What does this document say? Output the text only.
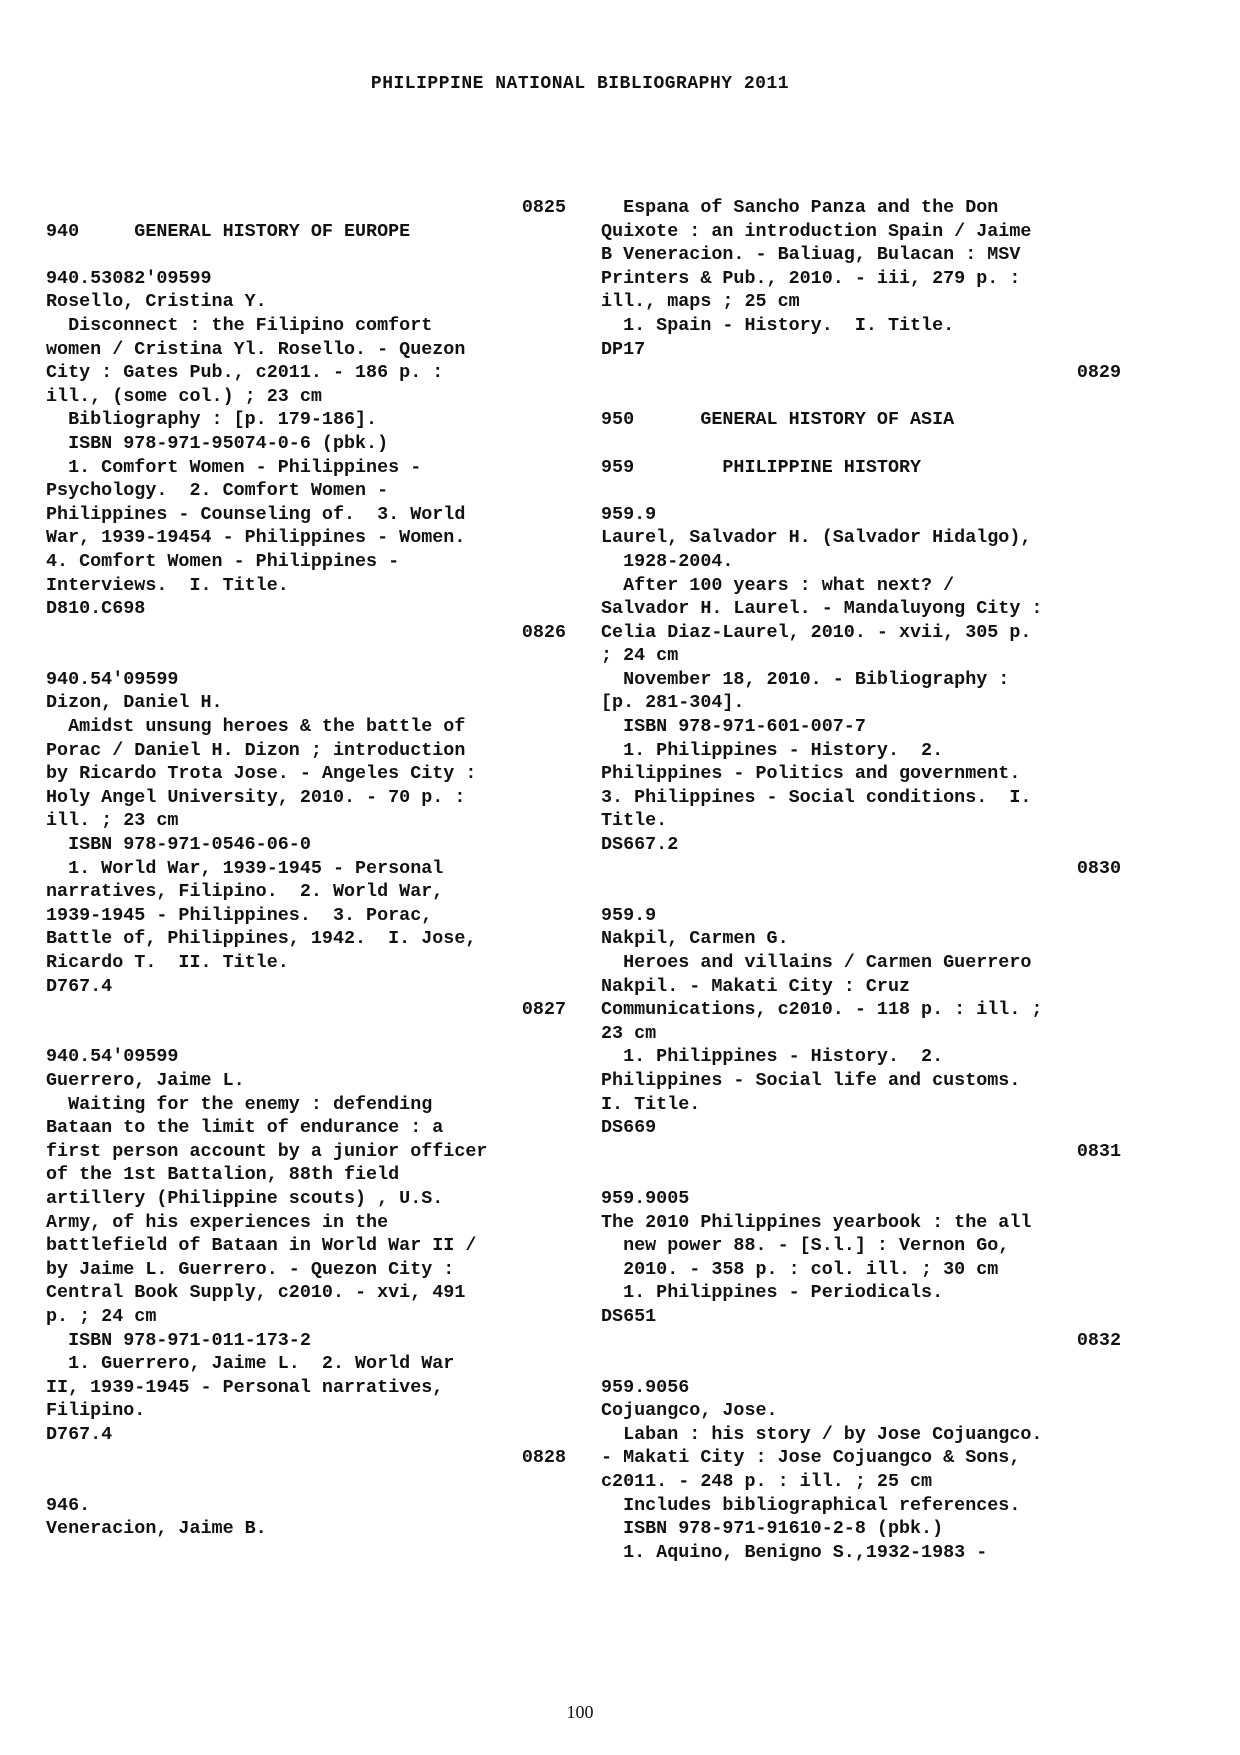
PHILIPPINE NATIONAL BIBLIOGRAPHY 2011
0825
940     GENERAL HISTORY OF EUROPE
940.53082'09599
Rosello, Cristina Y.
Disconnect : the Filipino comfort
women / Cristina Yl. Rosello. - Quezon
City : Gates Pub., c2011. - 186 p. :
ill., (some col.) ; 23 cm
Bibliography : [p. 179-186].
ISBN 978-971-95074-0-6 (pbk.)
1. Comfort Women - Philippines -
Psychology.  2. Comfort Women -
Philippines - Counseling of.  3. World
War, 1939-19454 - Philippines - Women.
4. Comfort Women - Philippines -
Interviews.  I. Title.
D810.C698
0826
940.54'09599
Dizon, Daniel H.
Amidst unsung heroes & the battle of
Porac / Daniel H. Dizon ; introduction
by Ricardo Trota Jose. - Angeles City :
Holy Angel University, 2010. - 70 p. :
ill. ; 23 cm
ISBN 978-971-0546-06-0
1. World War, 1939-1945 - Personal
narratives, Filipino.  2. World War,
1939-1945 - Philippines.  3. Porac,
Battle of, Philippines, 1942.  I. Jose,
Ricardo T.  II. Title.
D767.4
0827
940.54'09599
Guerrero, Jaime L.
Waiting for the enemy : defending
Bataan to the limit of endurance : a
first person account by a junior officer
of the 1st Battalion, 88th field
artillery (Philippine scouts) , U.S.
Army, of his experiences in the
battlefield of Bataan in World War II /
by Jaime L. Guerrero. - Quezon City :
Central Book Supply, c2010. - xvi, 491
p. ; 24 cm
ISBN 978-971-011-173-2
1. Guerrero, Jaime L.  2. World War
II, 1939-1945 - Personal narratives,
Filipino.
D767.4
0828
946.
Veneracion, Jaime B.
Espana of Sancho Panza and the Don
Quixote : an introduction Spain / Jaime
B Veneracion. - Baliuag, Bulacan : MSV
Printers & Pub., 2010. - iii, 279 p. :
ill., maps ; 25 cm
1. Spain - History.  I. Title.
DP17
0829
950      GENERAL HISTORY OF ASIA
959        PHILIPPINE HISTORY
959.9
Laurel, Salvador H. (Salvador Hidalgo),
1928-2004.
After 100 years : what next? /
Salvador H. Laurel. - Mandaluyong City :
Celia Diaz-Laurel, 2010. - xvii, 305 p.
; 24 cm
November 18, 2010. - Bibliography :
[p. 281-304].
ISBN 978-971-601-007-7
1. Philippines - History.  2.
Philippines - Politics and government.
3. Philippines - Social conditions.  I.
Title.
DS667.2
0830
959.9
Nakpil, Carmen G.
Heroes and villains / Carmen Guerrero
Nakpil. - Makati City : Cruz
Communications, c2010. - 118 p. : ill. ;
23 cm
1. Philippines - History.  2.
Philippines - Social life and customs.
I. Title.
DS669
0831
959.9005
The 2010 Philippines yearbook : the all
new power 88. - [S.l.] : Vernon Go,
2010. - 358 p. : col. ill. ; 30 cm
1. Philippines - Periodicals.
DS651
0832
959.9056
Cojuangco, Jose.
Laban : his story / by Jose Cojuangco.
- Makati City : Jose Cojuangco & Sons,
c2011. - 248 p. : ill. ; 25 cm
Includes bibliographical references.
ISBN 978-971-91610-2-8 (pbk.)
1. Aquino, Benigno S.,1932-1983 -
100
